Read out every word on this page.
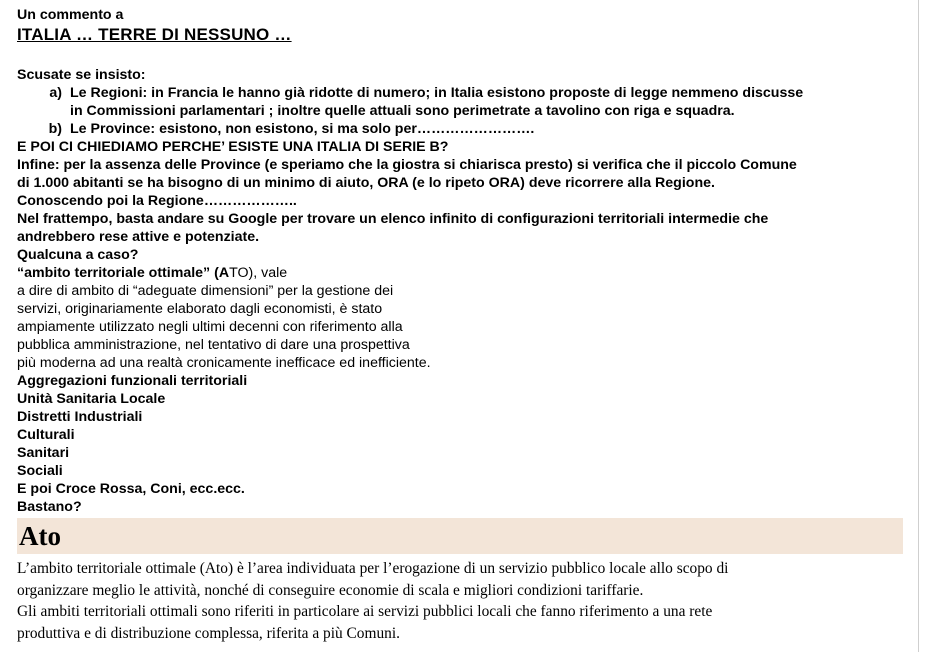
Un commento a
ITALIA … TERRE DI NESSUNO …
Scusate se insisto:
a) Le Regioni: in Francia le hanno già ridotte di numero; in Italia esistono proposte di legge nemmeno discusse
in Commissioni parlamentari ; inoltre quelle attuali sono perimetrate a tavolino con riga e squadra.
b) Le Province: esistono, non esistono, si ma solo per…………………….
E POI CI CHIEDIAMO PERCHE’ ESISTE UNA ITALIA DI SERIE B?
Infine: per la assenza delle Province (e speriamo che la giostra si chiarisca presto) si verifica che il piccolo Comune
di 1.000 abitanti se ha bisogno di un minimo di aiuto, ORA (e lo ripeto ORA) deve ricorrere alla Regione.
Conoscendo poi la Regione………………..
Nel frattempo, basta andare su Google per trovare un elenco infinito di configurazioni territoriali intermedie che
andrebbero rese attive e potenziate.
Qualcuna a caso?
“ambito territoriale ottimale” (ATO), vale
a dire di ambito di “adeguate dimensioni” per la gestione dei
servizi, originariamente elaborato dagli economisti, è stato
ampiamente utilizzato negli ultimi decenni con riferimento alla
pubblica amministrazione, nel tentativo di dare una prospettiva
più moderna ad una realtà cronicamente inefficace ed inefficiente.
Aggregazioni funzionali territoriali
Unità Sanitaria Locale
Distretti Industriali
Culturali
Sanitari
Sociali
E poi Croce Rossa, Coni, ecc.ecc.
Bastano?
Ato
L’ambito territoriale ottimale (Ato) è l’area individuata per l’erogazione di un servizio pubblico locale allo scopo di
organizzare meglio le attività, nonché di conseguire economie di scala e migliori condizioni tariffarie.
Gli ambiti territoriali ottimali sono riferiti in particolare ai servizi pubblici locali che fanno riferimento a una rete
produttiva e di distribuzione complessa, riferita a più Comuni.
